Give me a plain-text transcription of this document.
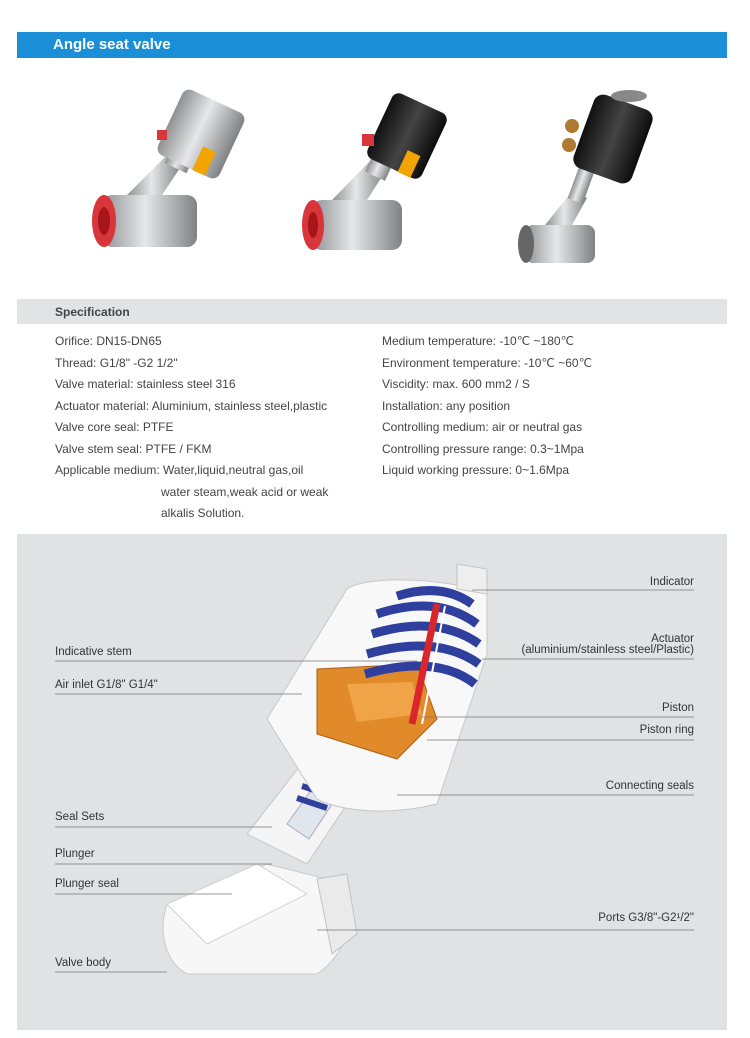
Angle seat valve
Specification
Orifice: DN15-DN65
Thread: G1/8" -G2 1/2"
Valve material: stainless steel 316
Actuator material: Aluminium, stainless steel,plastic
Valve core seal: PTFE
Valve stem seal: PTFE / FKM
Applicable medium: Water,liquid,neutral gas,oil
water steam,weak acid or weak
alkalis Solution.
Medium temperature: -10℃ ~180℃
Environment temperature: -10℃ ~60℃
Viscidity: max. 600 mm2 / S
Installation: any position
Controlling medium: air or neutral gas
Controlling pressure range: 0.3~1Mpa
Liquid working pressure: 0~1.6Mpa
Indicative stem
Air inlet G1/8" G1/4"
Seal Sets
Plunger
Plunger seal
Valve body
Indicator
Actuator
(aluminium/stainless steel/Plastic)
Piston
Piston ring
Connecting seals
Ports G3/8"-G2¹/2"
